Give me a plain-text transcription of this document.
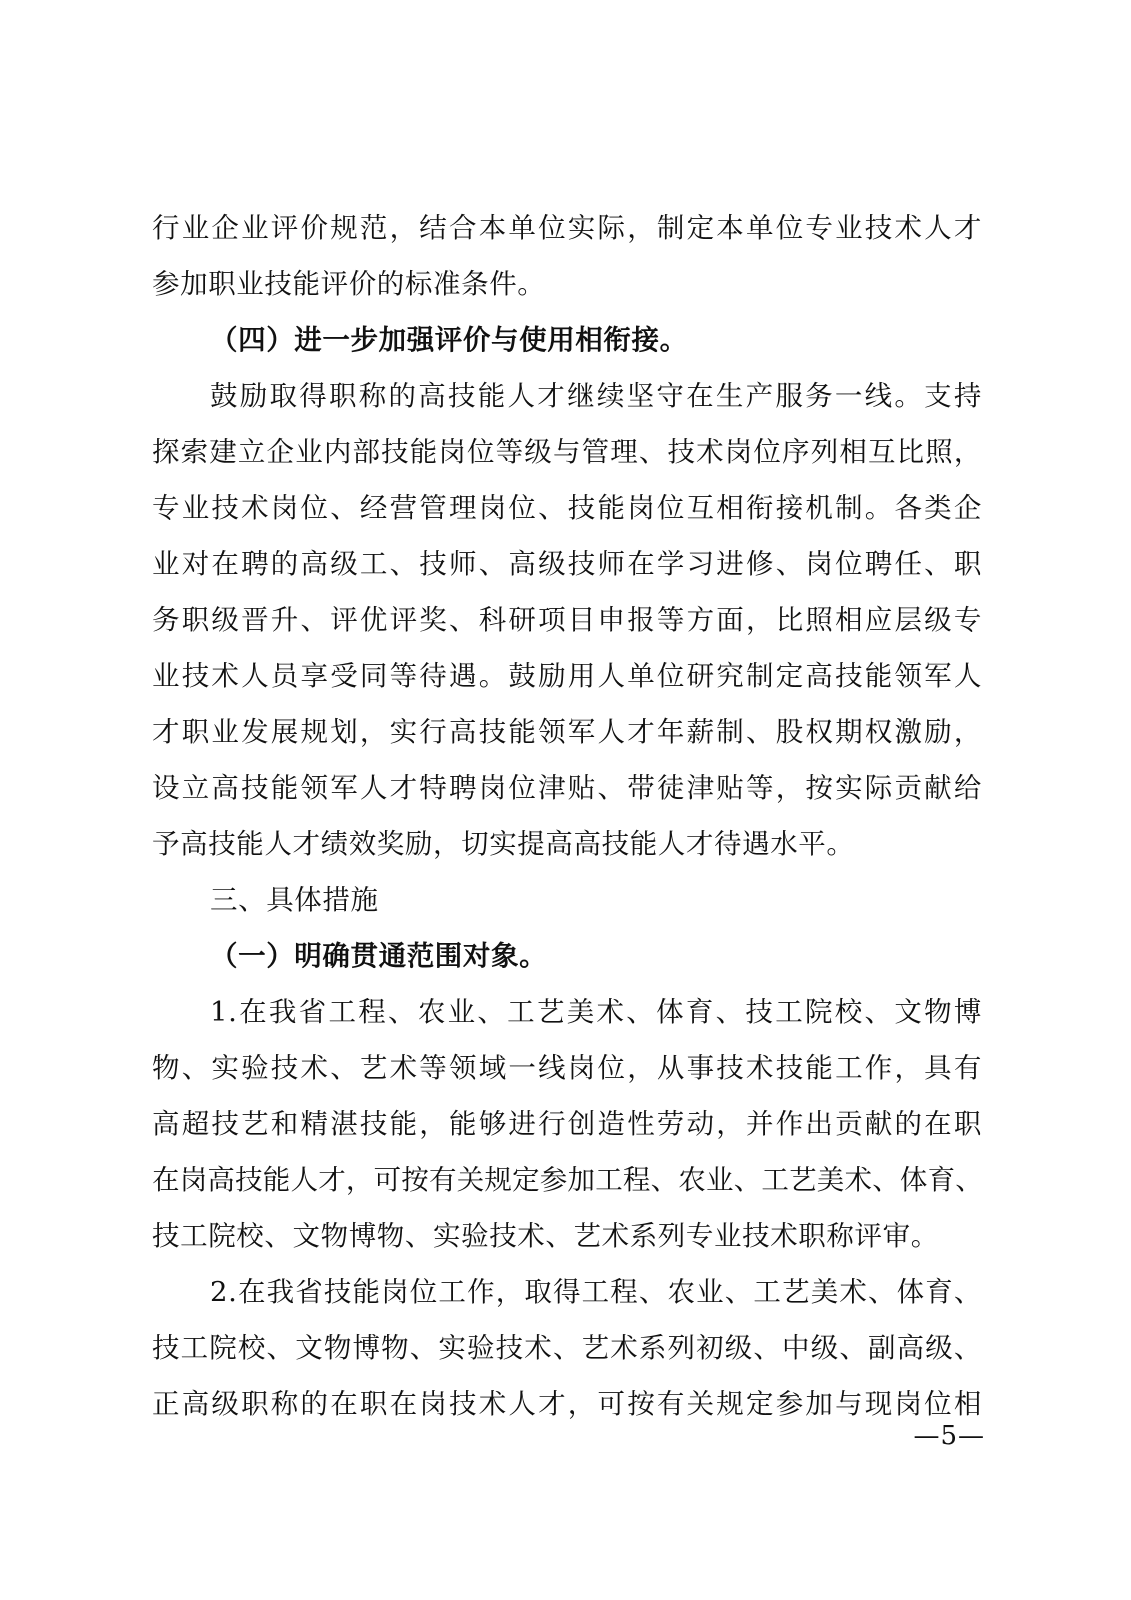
行业企业评价规范，结合本单位实际，制定本单位专业技术人才
参加职业技能评价的标准条件。
（四）进一步加强评价与使用相衔接。
鼓励取得职称的高技能人才继续坚守在生产服务一线。支持
探索建立企业内部技能岗位等级与管理、技术岗位序列相互比照，
专业技术岗位、经营管理岗位、技能岗位互相衔接机制。各类企
业对在聘的高级工、技师、高级技师在学习进修、岗位聘任、职
务职级晋升、评优评奖、科研项目申报等方面，比照相应层级专
业技术人员享受同等待遇。鼓励用人单位研究制定高技能领军人
才职业发展规划，实行高技能领军人才年薪制、股权期权激励，
设立高技能领军人才特聘岗位津贴、带徒津贴等，按实际贡献给
予高技能人才绩效奖励，切实提高高技能人才待遇水平。
三、具体措施
（一）明确贯通范围对象。
1.在我省工程、农业、工艺美术、体育、技工院校、文物博
物、实验技术、艺术等领域一线岗位，从事技术技能工作，具有
高超技艺和精湛技能，能够进行创造性劳动，并作出贡献的在职
在岗高技能人才，可按有关规定参加工程、农业、工艺美术、体育、
技工院校、文物博物、实验技术、艺术系列专业技术职称评审。
2.在我省技能岗位工作，取得工程、农业、工艺美术、体育、
技工院校、文物博物、实验技术、艺术系列初级、中级、副高级、
正高级职称的在职在岗技术人才，可按有关规定参加与现岗位相
—5—
